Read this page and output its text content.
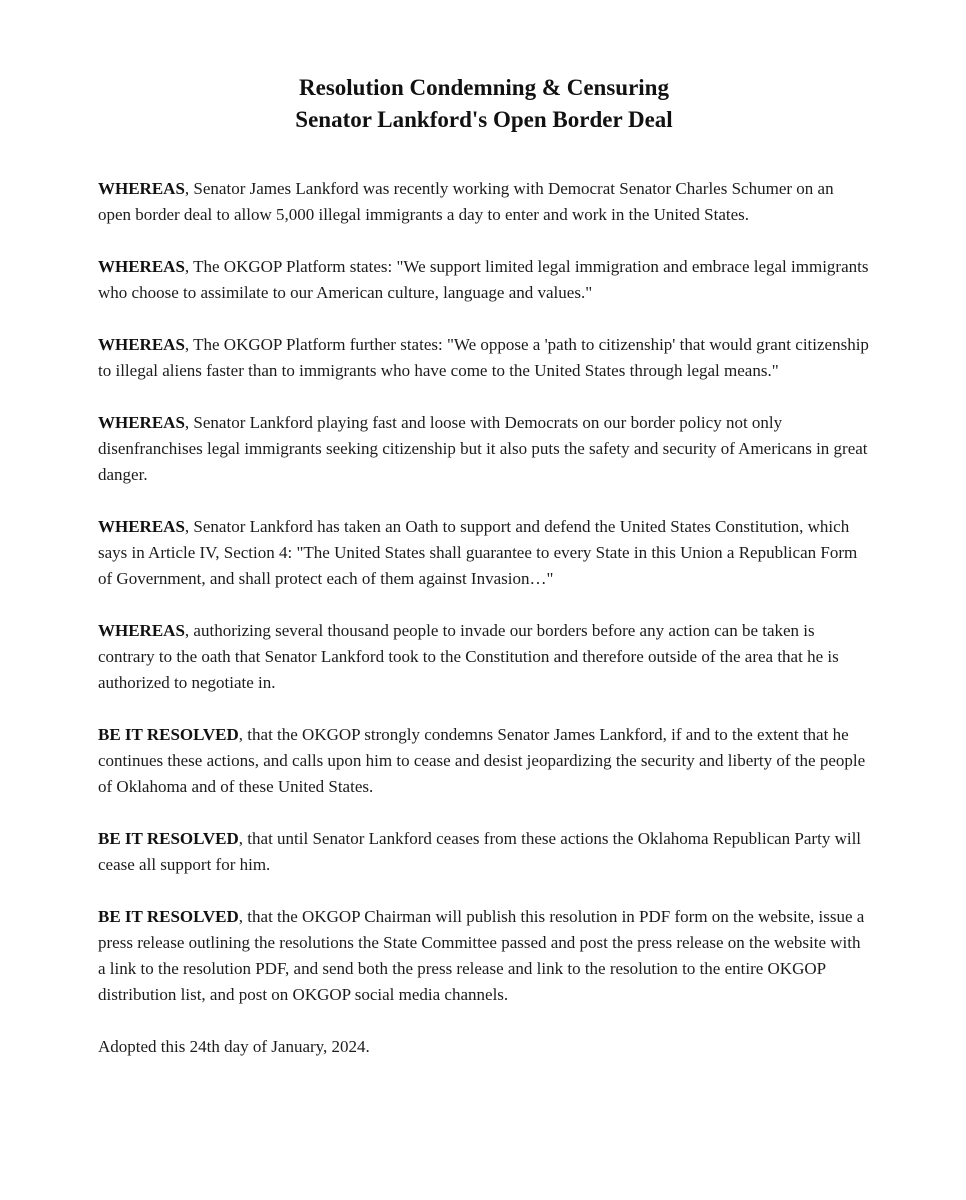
Resolution Condemning & Censuring
Senator Lankford's Open Border Deal

WHEREAS, Senator James Lankford was recently working with Democrat Senator Charles Schumer on an open border deal to allow 5,000 illegal immigrants a day to enter and work in the United States.

WHEREAS, The OKGOP Platform states: "We support limited legal immigration and embrace legal immigrants who choose to assimilate to our American culture, language and values."

WHEREAS, The OKGOP Platform further states: "We oppose a 'path to citizenship' that would grant citizenship to illegal aliens faster than to immigrants who have come to the United States through legal means."

WHEREAS, Senator Lankford playing fast and loose with Democrats on our border policy not only disenfranchises legal immigrants seeking citizenship but it also puts the safety and security of Americans in great danger.

WHEREAS, Senator Lankford has taken an Oath to support and defend the United States Constitution, which says in Article IV, Section 4: "The United States shall guarantee to every State in this Union a Republican Form of Government, and shall protect each of them against Invasion…"

WHEREAS, authorizing several thousand people to invade our borders before any action can be taken is contrary to the oath that Senator Lankford took to the Constitution and therefore outside of the area that he is authorized to negotiate in.

BE IT RESOLVED, that the OKGOP strongly condemns Senator James Lankford, if and to the extent that he continues these actions, and calls upon him to cease and desist jeopardizing the security and liberty of the people of Oklahoma and of these United States.

BE IT RESOLVED, that until Senator Lankford ceases from these actions the Oklahoma Republican Party will cease all support for him.

BE IT RESOLVED, that the OKGOP Chairman will publish this resolution in PDF form on the website, issue a press release outlining the resolutions the State Committee passed and post the press release on the website with a link to the resolution PDF, and send both the press release and link to the resolution to the entire OKGOP distribution list, and post on OKGOP social media channels.

Adopted this 24th day of January, 2024.
